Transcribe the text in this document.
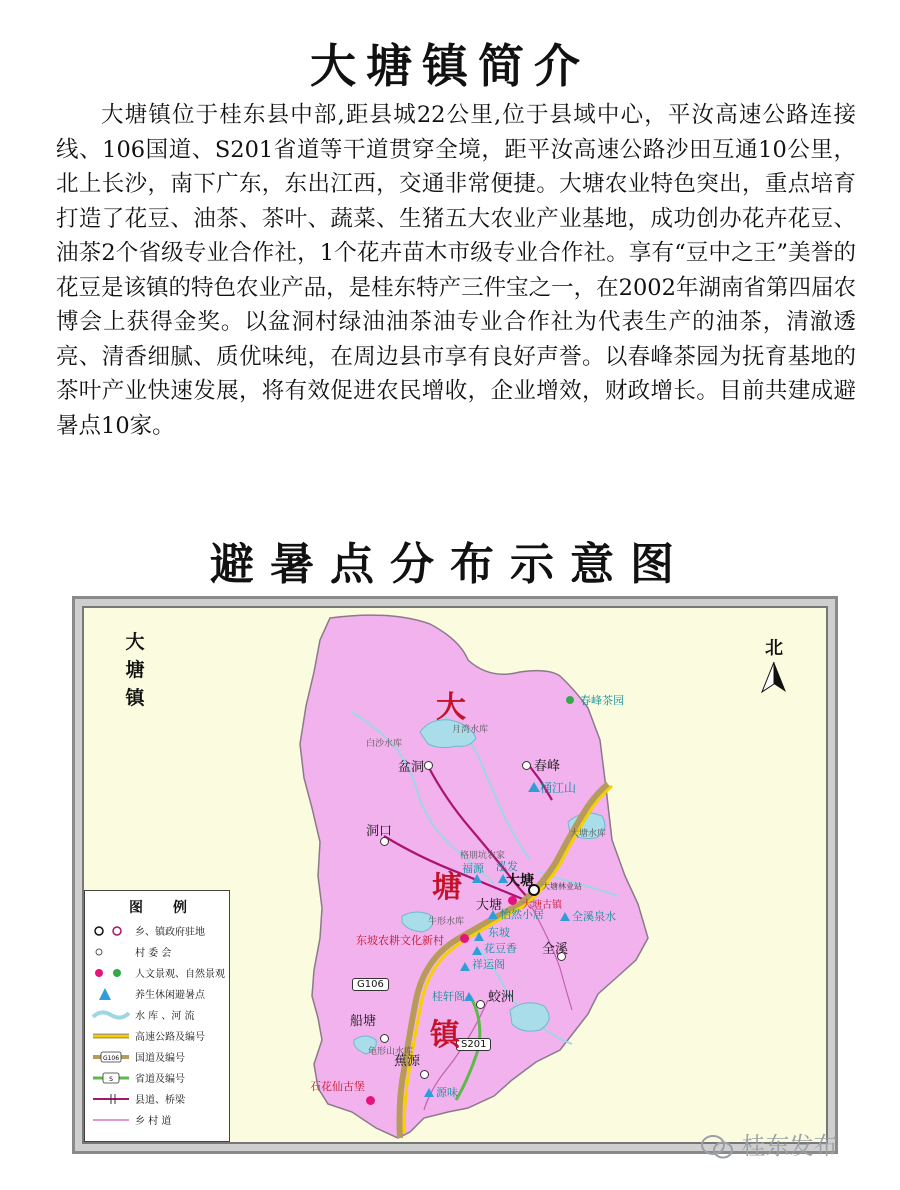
大塘镇简介

大塘镇位于桂东县中部,距县城22公里,位于县域中心，平汝高速公路连接线、106国道、S201省道等干道贯穿全境，距平汝高速公路沙田互通10公里，北上长沙，南下广东，东出江西，交通非常便捷。大塘农业特色突出，重点培育打造了花豆、油茶、茶叶、蔬菜、生猪五大农业产业基地，成功创办花卉花豆、油茶2个省级专业合作社，1个花卉苗木市级专业合作社。享有“豆中之王”美誉的花豆是该镇的特色农业产品，是桂东特产三件宝之一，在2002年湖南省第四届农博会上获得金奖。以盆洞村绿油油茶油专业合作社为代表生产的油茶，清澈透亮、清香细腻、质优味纯，在周边县市享有良好声誉。以春峰茶园为抚育基地的茶叶产业快速发展，将有效促进农民增收，企业增效，财政增长。目前共建成避暑点10家。

避暑点分布示意图
G106
S201
大
塘
镇
盆洞	春峰
洞口
大塘
大塘
全溪
蛟洲
船塘
蕉源
白沙水库
月湾水库
大塘水库
牛形水库
龟形山水库
春峰茶园
大塘古镇
大塘林业站
东坡农耕文化新村
石花仙古堡
桶江山
格朋坑农家
福源 泓发
怡然小居	全溪泉水
东坡
花豆香
祥运阁
桂轩阁
源味
大
塘
镇
北
图例
乡、镇政府驻地
村 委 会
人文景观、自然景观
养生休闲避暑点
水 库 、河 流
高速公路及编号
G106 国道及编号
S 省道及编号
县道、桥梁
乡 村 道
桂东发布
